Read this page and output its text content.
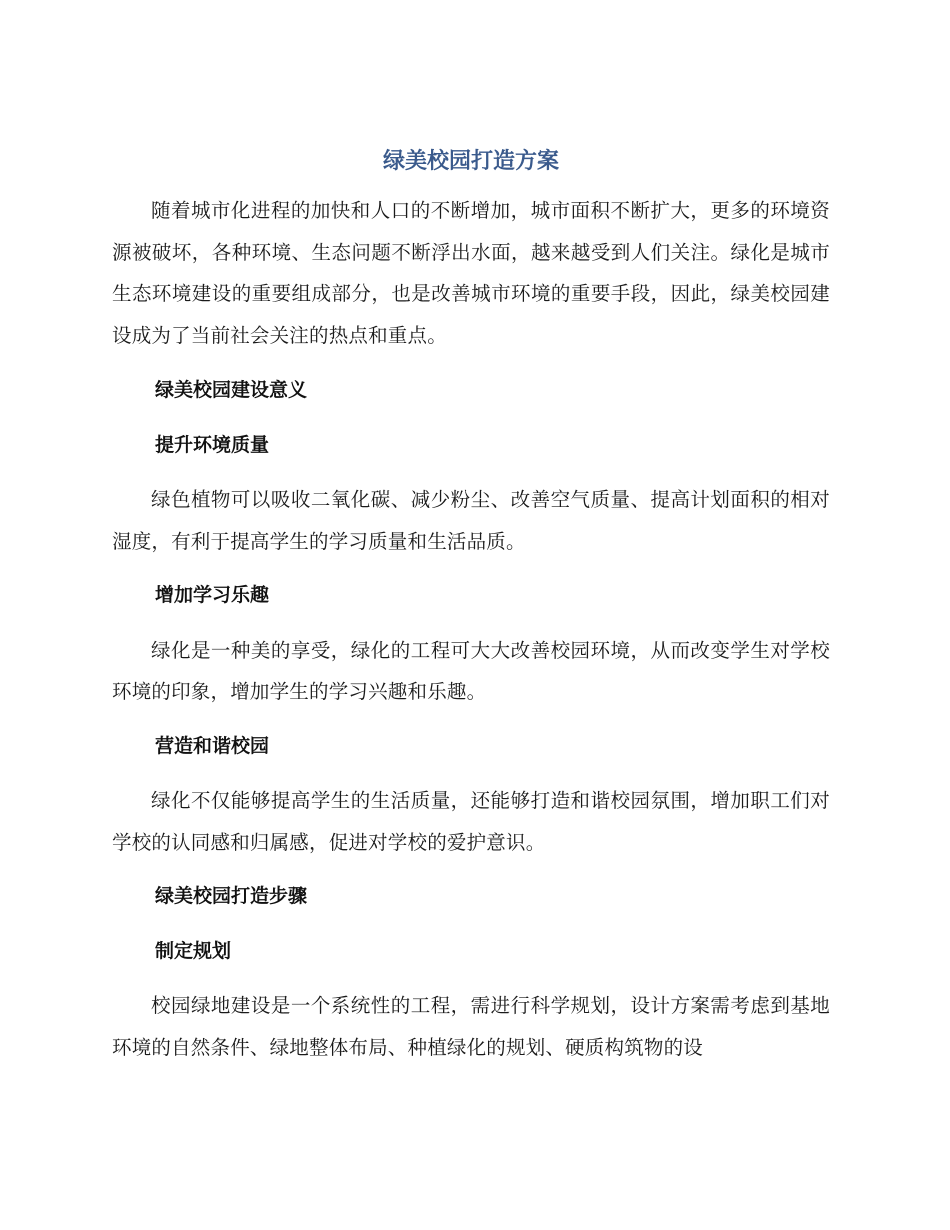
绿美校园打造方案

随着城市化进程的加快和人口的不断增加，城市面积不断扩大，更多的环境资源被破坏，各种环境、生态问题不断浮出水面，越来越受到人们关注。绿化是城市生态环境建设的重要组成部分，也是改善城市环境的重要手段，因此，绿美校园建设成为了当前社会关注的热点和重点。

绿美校园建设意义
提升环境质量

绿色植物可以吸收二氧化碳、减少粉尘、改善空气质量、提高计划面积的相对湿度，有利于提高学生的学习质量和生活品质。

增加学习乐趣

绿化是一种美的享受，绿化的工程可大大改善校园环境，从而改变学生对学校环境的印象，增加学生的学习兴趣和乐趣。

营造和谐校园

绿化不仅能够提高学生的生活质量，还能够打造和谐校园氛围，增加职工们对学校的认同感和归属感，促进对学校的爱护意识。

绿美校园打造步骤
制定规划

校园绿地建设是一个系统性的工程，需进行科学规划，设计方案需考虑到基地环境的自然条件、绿地整体布局、种植绿化的规划、硬质构筑物的设
